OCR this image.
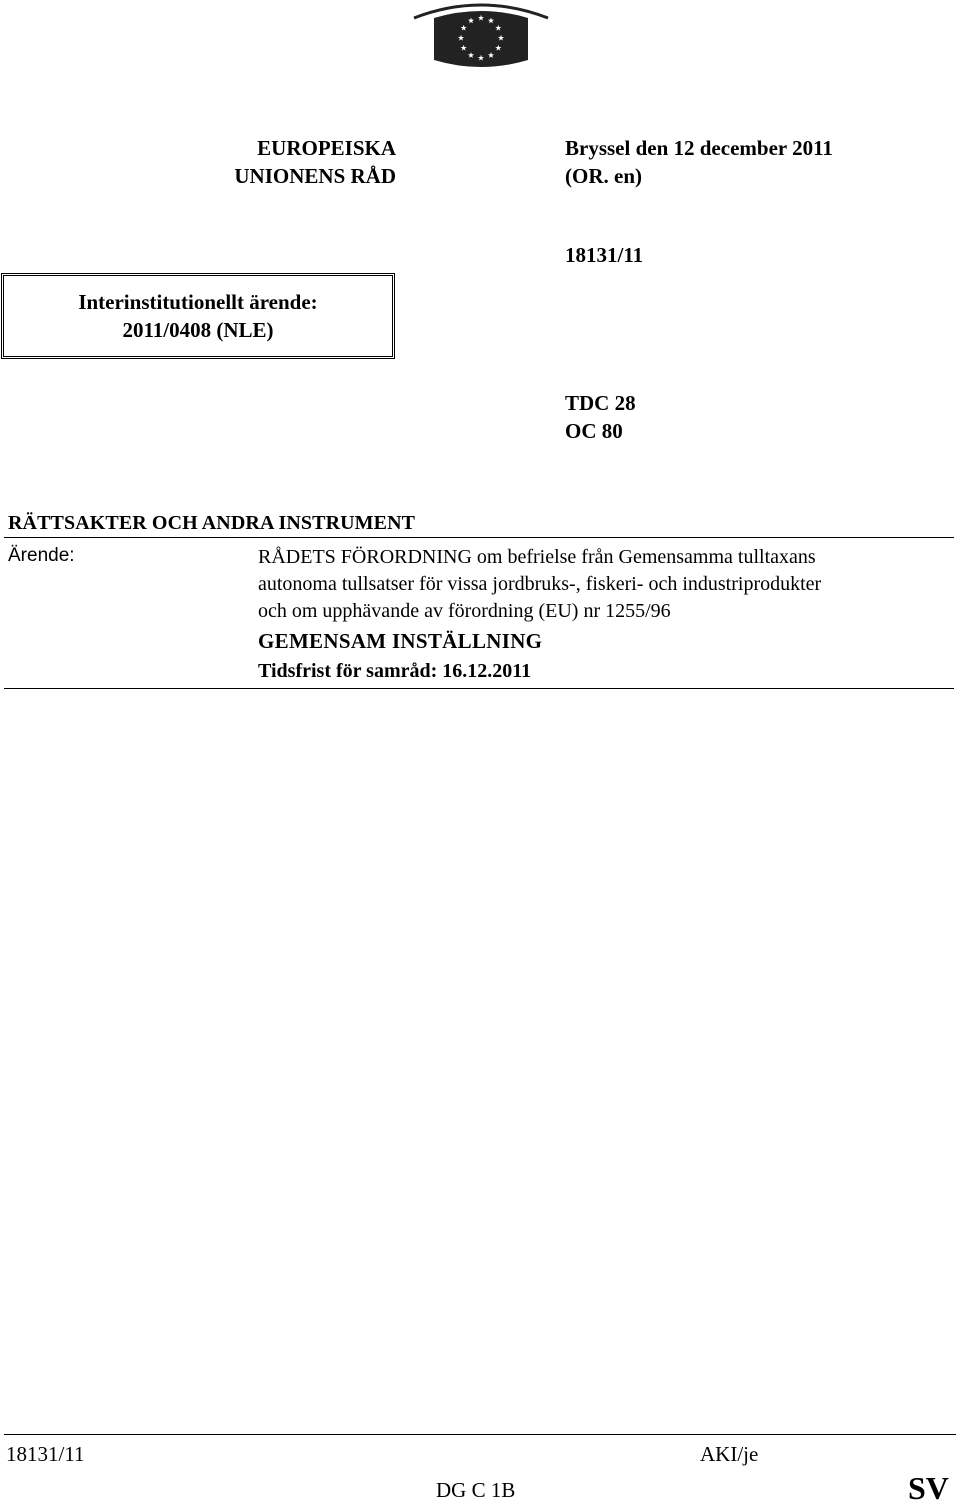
EUROPEISKA
UNIONENS RÅD
Bryssel den 12 december 2011
(OR. en)
18131/11
Interinstitutionellt ärende:
2011/0408 (NLE)
TDC 28
OC 80
RÄTTSAKTER OCH ANDRA INSTRUMENT
Ärende:	RÅDETS FÖRORDNING om befrielse från Gemensamma tulltaxans
autonoma tullsatser för vissa jordbruks-, fiskeri- och industriprodukter
och om upphävande av förordning (EU) nr 1255/96
GEMENSAM INSTÄLLNING
Tidsfrist för samråd: 16.12.2011
18131/11	AKI/je
DG C 1B	SV
